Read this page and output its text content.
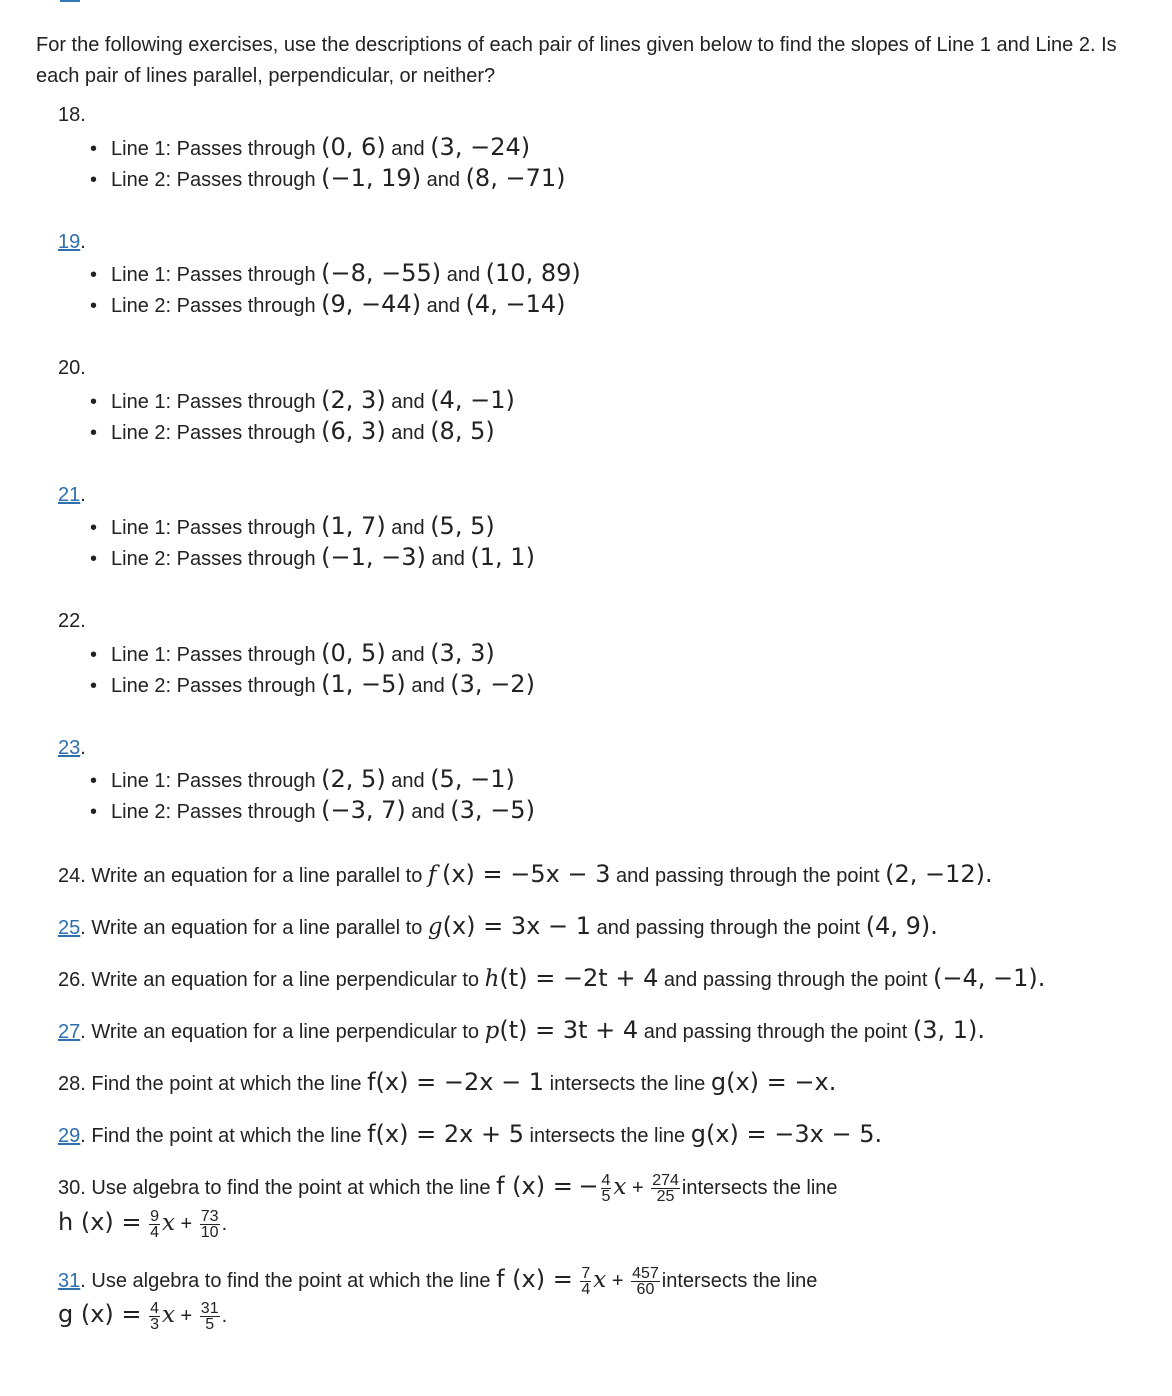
For the following exercises, use the descriptions of each pair of lines given below to find the slopes of Line 1 and Line 2. Is each pair of lines parallel, perpendicular, or neither?

18.
• Line 1: Passes through (0, 6) and (3, −24)
• Line 2: Passes through (−1, 19) and (8, −71)
19.
• Line 1: Passes through (−8, −55) and (10, 89)
• Line 2: Passes through (9, −44) and (4, −14)
20.
• Line 1: Passes through (2, 3) and (4, −1)
• Line 2: Passes through (6, 3) and (8, 5)
21.
• Line 1: Passes through (1, 7) and (5, 5)
• Line 2: Passes through (−1, −3) and (1, 1)
22.
• Line 1: Passes through (0, 5) and (3, 3)
• Line 2: Passes through (1, −5) and (3, −2)
23.
• Line 1: Passes through (2, 5) and (5, −1)
• Line 2: Passes through (−3, 7) and (3, −5)
24. Write an equation for a line parallel to f (x) = −5x − 3 and passing through the point (2, −12).
25. Write an equation for a line parallel to g(x) = 3x − 1 and passing through the point (4, 9).
26. Write an equation for a line perpendicular to h(t) = −2t + 4 and passing through the point (−4, −1).
27. Write an equation for a line perpendicular to p(t) = 3t + 4 and passing through the point (3, 1).
28. Find the point at which the line f(x) = −2x − 1 intersects the line g(x) = −x.
29. Find the point at which the line f(x) = 2x + 5 intersects the line g(x) = −3x − 5.
30. Use algebra to find the point at which the line f (x) = − $\frac{4}{5}$ $x + \frac{274}{25}$ intersects the line
h $(x) = \frac{9}{4}$ $x + \frac{73}{10}$ .
31. Use algebra to find the point at which the line f $(x) = \frac{7}{4}$ $x + \frac{457}{60}$ intersects the line
g $(x) = \frac{4}{3}$ $x + \frac{31}{5}$ .
